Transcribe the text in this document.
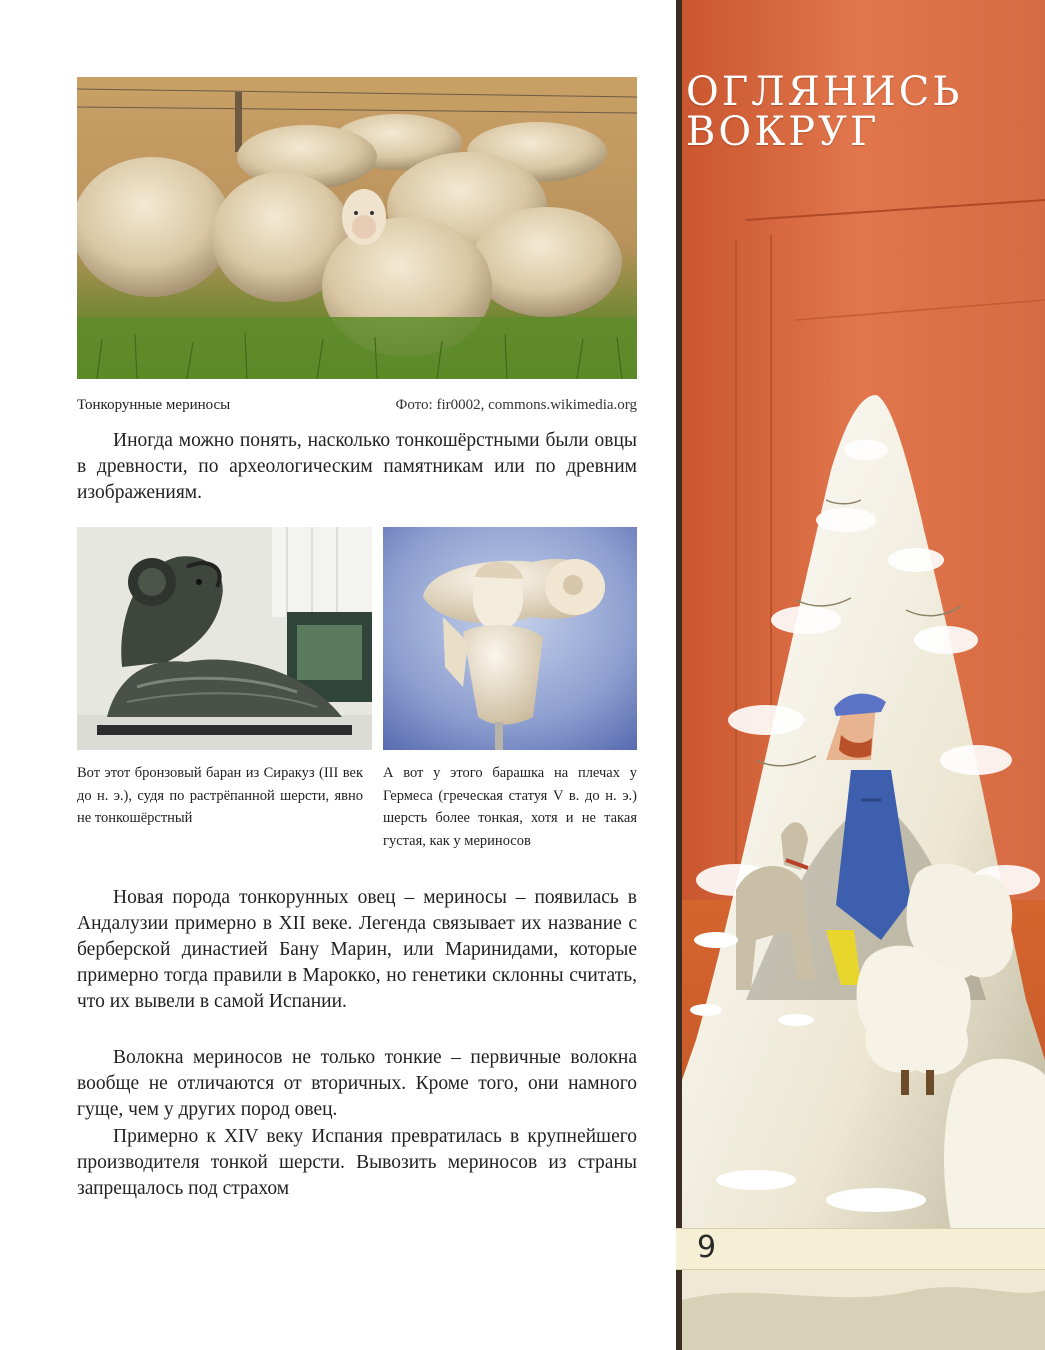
Тонкорунные мериносы	Фото: fir0002, commons.wikimedia.org

Иногда можно понять, насколько тонкошёрстными были овцы в древности, по археологическим памятникам или по древним изображениям.

Вот этот бронзовый баран из Сиракуз (III век до н. э.), судя по растрёпанной шерсти, явно не тонкошёрстный

А вот у этого барашка на плечах у Гермеса (греческая статуя V в. до н. э.) шерсть более тонкая, хотя и не такая густая, как у мериносов

Новая порода тонкорунных овец – мериносы – появилась в Андалузии примерно в XII веке. Легенда связывает их название с берберской династией Бану Марин, или Маринидами, которые примерно тогда правили в Марокко, но генетики склонны считать, что их вывели в самой Испании.

Волокна мериносов не только тонкие – первичные волокна вообще не отличаются от вторичных. Кроме того, они намного гуще, чем у других пород овец.

Примерно к XIV веку Испания превратилась в крупнейшего производителя тонкой шерсти. Вывозить мериносов из страны запрещалось под страхом

ОГЛЯНИСЬ
ВОКРУГ
9
